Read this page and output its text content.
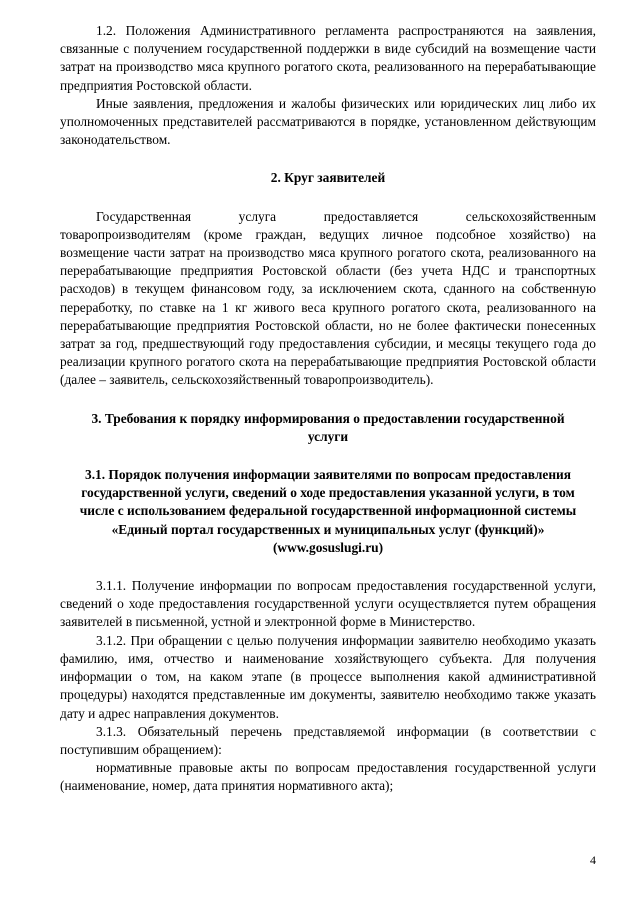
1.2. Положения Административного регламента распространяются на заявления, связанные с получением государственной поддержки в виде субсидий на возмещение части затрат на производство мяса крупного рогатого скота, реализованного на перерабатывающие предприятия Ростовской области.

Иные заявления, предложения и жалобы физических или юридических лиц либо их уполномоченных представителей рассматриваются в порядке, установленном действующим законодательством.

2. Круг заявителей

Государственная услуга предоставляется сельскохозяйственным товаропроизводителям (кроме граждан, ведущих личное подсобное хозяйство) на возмещение части затрат на производство мяса крупного рогатого скота, реализованного на перерабатывающие предприятия Ростовской области (без учета НДС и транспортных расходов) в текущем финансовом году, за исключением скота, сданного на собственную переработку, по ставке на 1 кг живого веса крупного рогатого скота, реализованного на перерабатывающие предприятия Ростовской области, но не более фактически понесенных затрат за год, предшествующий году предоставления субсидии, и месяцы текущего года до реализации крупного рогатого скота на перерабатывающие предприятия Ростовской области (далее – заявитель, сельскохозяйственный товаропроизводитель).

3. Требования к порядку информирования о предоставлении государственной услуги

3.1. Порядок получения информации заявителями по вопросам предоставления государственной услуги, сведений о ходе предоставления указанной услуги, в том числе с использованием федеральной государственной информационной системы «Единый портал государственных и муниципальных услуг (функций)» (www.gosuslugi.ru)

3.1.1. Получение информации по вопросам предоставления государственной услуги, сведений о ходе предоставления государственной услуги осуществляется путем обращения заявителей в письменной, устной и электронной форме в Министерство.

3.1.2. При обращении с целью получения информации заявителю необходимо указать фамилию, имя, отчество и наименование хозяйствующего субъекта. Для получения информации о том, на каком этапе (в процессе выполнения какой административной процедуры) находятся представленные им документы, заявителю необходимо также указать дату и адрес направления документов.

3.1.3. Обязательный перечень представляемой информации (в соответствии с поступившим обращением):

нормативные правовые акты по вопросам предоставления государственной услуги (наименование, номер, дата принятия нормативного акта);

4
